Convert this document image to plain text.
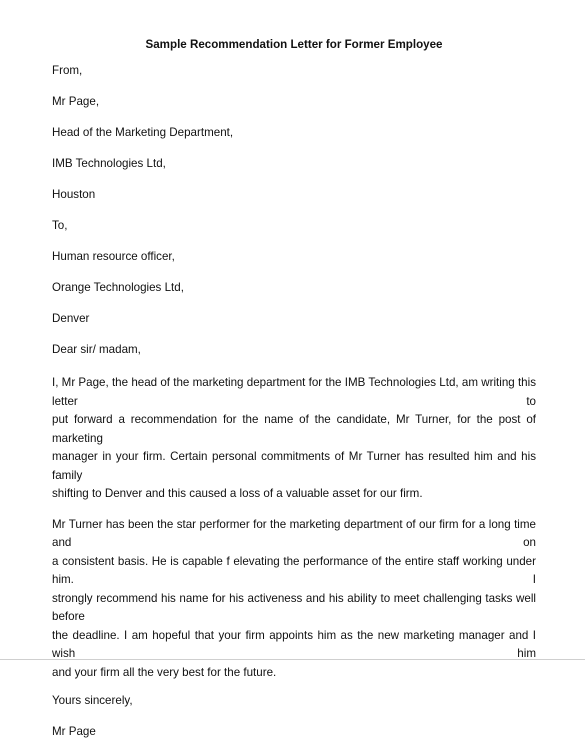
Sample Recommendation Letter for Former Employee
From,
Mr Page,
Head of the Marketing Department,
IMB Technologies Ltd,
Houston
To,
Human resource officer,
Orange Technologies Ltd,
Denver
Dear sir/ madam,
I, Mr Page, the head of the marketing department for the IMB Technologies Ltd, am writing this letter to
put forward a recommendation for the name of the candidate, Mr Turner, for the post of marketing
manager in your firm. Certain personal commitments of Mr Turner has resulted him and his family
shifting to Denver and this caused a loss of a valuable asset for our firm.
Mr Turner has been the star performer for the marketing department of our firm for a long time and on
a consistent basis. He is capable f elevating the performance of the entire staff working under him. I
strongly recommend his name for his activeness and his ability to meet challenging tasks well before
the deadline. I am hopeful that your firm appoints him as the new marketing manager and I wish him
and your firm all the very best for the future.
Yours sincerely,
Mr Page
